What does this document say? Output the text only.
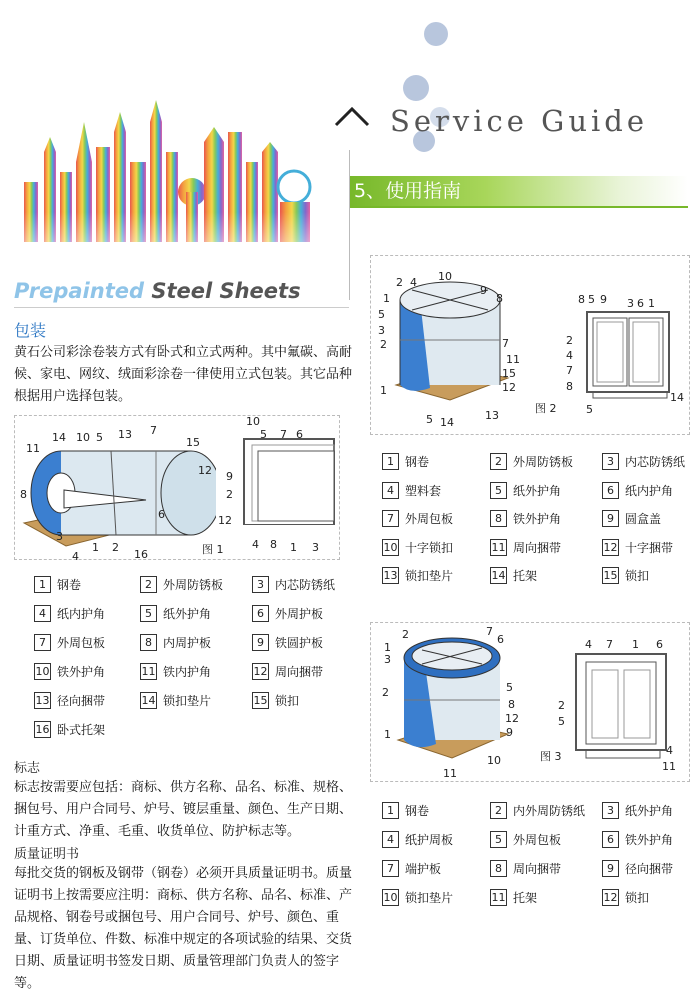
Service Guide
5、使用指南
Prepainted Steel Sheets
包装
黄石公司彩涂卷装方式有卧式和立式两种。其中氟碳、高耐候、家电、网纹、绒面彩涂卷一律使用立式包装。其它品种根据用户选择包装。
11
14 10 5 13 7
15
12
8
6
16
2
1
4
3
10
5 7 6
9
2
12
4 8 1 3
图 1
1 钢卷	2 外周防锈板	3 内芯防锈纸
4 纸内护角	5 纸外护角	6 外周护板
7 外周包板	8 内周护板	9 铁圆护板
10 铁外护角	11 铁内护角	12 周向捆带
13 径向捆带	14 锁扣垫片	15 锁扣
16 卧式托架
标志
标志按需要应包括：商标、供方名称、品名、标准、规格、捆包号、用户合同号、炉号、镀层重量、颜色、生产日期、计重方式、净重、毛重、收货单位、防护标志等。
质量证明书
每批交货的钢板及钢带（钢卷）必须开具质量证明书。质量证明书上按需要应注明：商标、供方名称、品名、标准、产品规格、钢卷号或捆包号、用户合同号、炉号、颜色、重量、订货单位、件数、标准中规定的各项试验的结果、交货日期、质量证明书签发日期、质量管理部门负责人的签字等。
10
2 4
9
8
1
5
3
7
11
15
12
2
1
5 14
13
8 5 9 3 6 1
2
4
7
8
5
14
图 2
1 钢卷	2 外周防锈板	3 内芯防锈纸
4 塑料套	5 纸外护角	6 纸内护角
7 外周包板	8 铁外护角	9 圆盒盖
10 十字锁扣	11 周向捆带	12 十字捆带
13 锁扣垫片	14 托架	15 锁扣
2	7
6
1
3
5
2
8
12
9
1
10
11
4 7 1 6
2
5
4
11
图 3
1 钢卷	2 内外周防锈纸	3 纸外护角
4 纸护周板	5 外周包板	6 铁外护角
7 端护板	8 周向捆带	9 径向捆带
10 锁扣垫片	11 托架	12 锁扣
